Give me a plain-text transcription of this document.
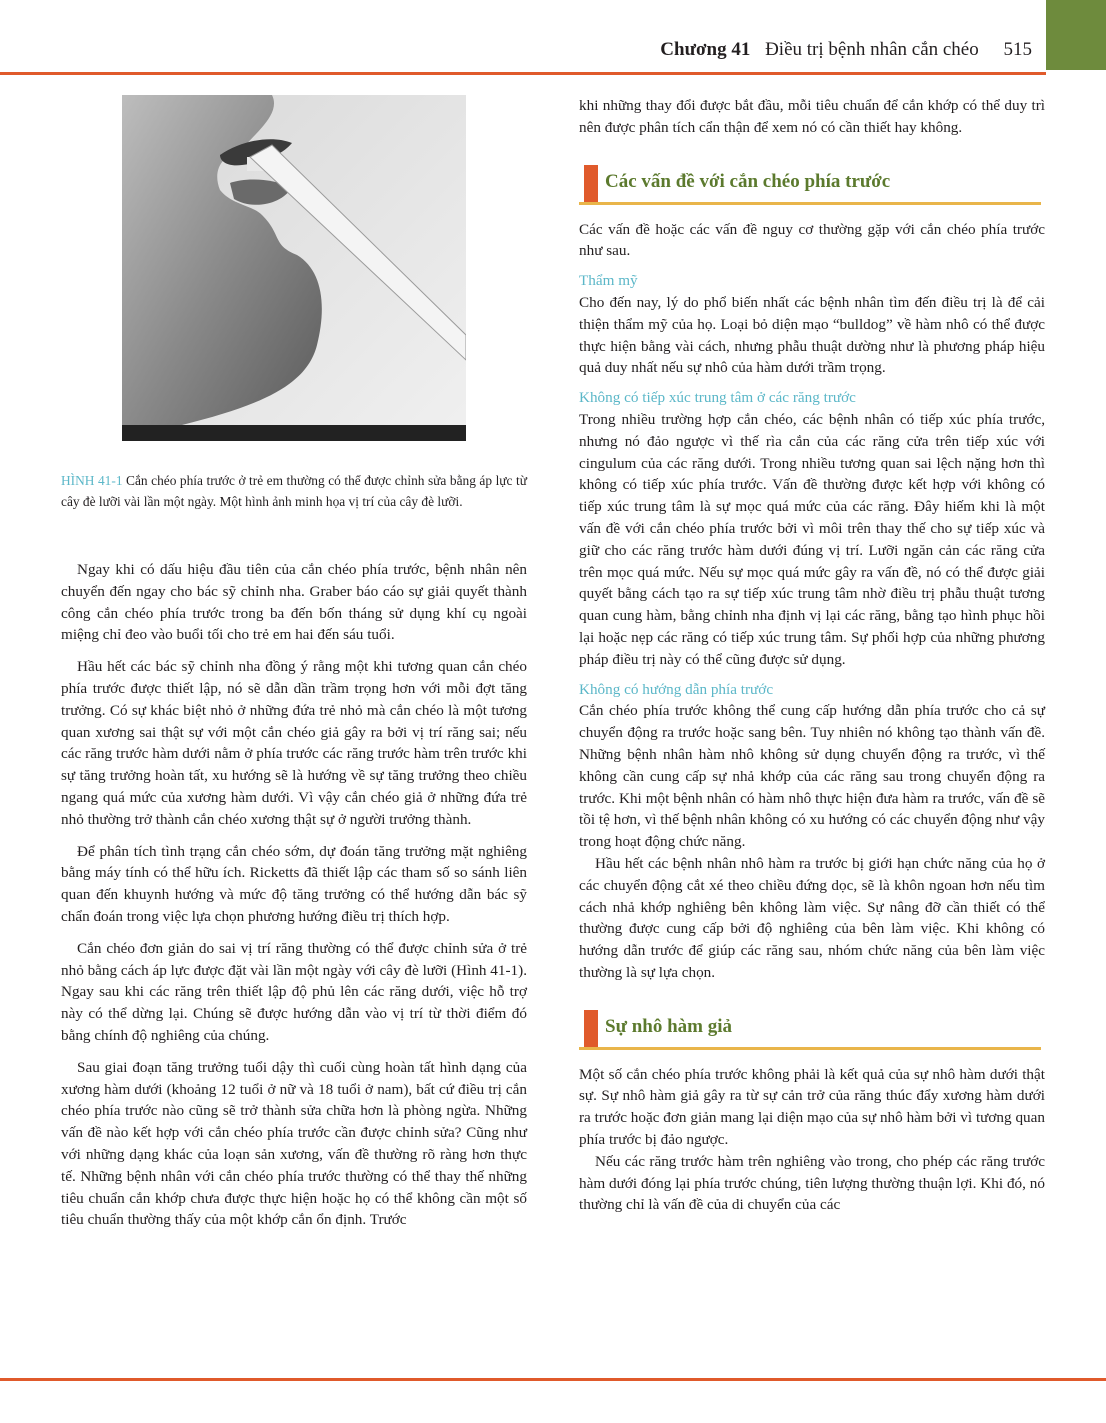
Chương 41 Điều trị bệnh nhân cắn chéo 515
HÌNH 41-1 Cắn chéo phía trước ở trẻ em thường có thể được chỉnh sửa bằng áp lực từ cây đè lưỡi vài lần một ngày. Một hình ảnh minh họa vị trí của cây đè lưỡi.

Ngay khi có dấu hiệu đầu tiên của cắn chéo phía trước, bệnh nhân nên chuyển đến ngay cho bác sỹ chỉnh nha. Graber báo cáo sự giải quyết thành công cắn chéo phía trước trong ba đến bốn tháng sử dụng khí cụ ngoài miệng chỉ đeo vào buổi tối cho trẻ em hai đến sáu tuổi.

Hầu hết các bác sỹ chỉnh nha đồng ý rằng một khi tương quan cắn chéo phía trước được thiết lập, nó sẽ dẫn dần trầm trọng hơn với mỗi đợt tăng trưởng. Có sự khác biệt nhỏ ở những đứa trẻ nhỏ mà cắn chéo là một tương quan xương sai thật sự với một cắn chéo giả gây ra bởi vị trí răng sai; nếu các răng trước hàm dưới nằm ở phía trước các răng trước hàm trên trước khi sự tăng trưởng hoàn tất, xu hướng sẽ là hướng về sự tăng trưởng theo chiều ngang quá mức của xương hàm dưới. Vì vậy cắn chéo giả ở những đứa trẻ nhỏ thường trở thành cắn chéo xương thật sự ở người trưởng thành.

Để phân tích tình trạng cắn chéo sớm, dự đoán tăng trưởng mặt nghiêng bằng máy tính có thể hữu ích. Ricketts đã thiết lập các tham số so sánh liên quan đến khuynh hướng và mức độ tăng trưởng có thể hướng dẫn bác sỹ chẩn đoán trong việc lựa chọn phương hướng điều trị thích hợp.

Cắn chéo đơn giản do sai vị trí răng thường có thể được chỉnh sửa ở trẻ nhỏ bằng cách áp lực được đặt vài lần một ngày với cây đè lưỡi (Hình 41-1). Ngay sau khi các răng trên thiết lập độ phủ lên các răng dưới, việc hỗ trợ này có thể dừng lại. Chúng sẽ được hướng dẫn vào vị trí từ thời điểm đó bằng chính độ nghiêng của chúng.

Sau giai đoạn tăng trưởng tuổi dậy thì cuối cùng hoàn tất hình dạng của xương hàm dưới (khoảng 12 tuổi ở nữ và 18 tuổi ở nam), bất cứ điều trị cắn chéo phía trước nào cũng sẽ trở thành sửa chữa hơn là phòng ngừa. Những vấn đề nào kết hợp với cắn chéo phía trước cần được chỉnh sửa? Cũng như với những dạng khác của loạn sản xương, vấn đề thường rõ ràng hơn thực tế. Những bệnh nhân với cắn chéo phía trước thường có thể thay thế những tiêu chuẩn cắn khớp chưa được thực hiện hoặc họ có thể không cần một số tiêu chuẩn thường thấy của một khớp cắn ổn định. Trước

khi những thay đổi được bắt đầu, mỗi tiêu chuẩn để cắn khớp có thể duy trì nên được phân tích cẩn thận để xem nó có cần thiết hay không.

Các vấn đề với cắn chéo phía trước

Các vấn đề hoặc các vấn đề nguy cơ thường gặp với cắn chéo phía trước như sau.

Thẩm mỹ

Cho đến nay, lý do phổ biến nhất các bệnh nhân tìm đến điều trị là để cải thiện thẩm mỹ của họ. Loại bỏ diện mạo “bulldog” về hàm nhô có thể được thực hiện bằng vài cách, nhưng phẫu thuật dường như là phương pháp hiệu quả duy nhất nếu sự nhô của hàm dưới trầm trọng.

Không có tiếp xúc trung tâm ở các răng trước

Trong nhiều trường hợp cắn chéo, các bệnh nhân có tiếp xúc phía trước, nhưng nó đảo ngược vì thế rìa cắn của các răng cửa trên tiếp xúc với cingulum của các răng dưới. Trong nhiều tương quan sai lệch nặng hơn thì không có tiếp xúc phía trước. Vấn đề thường được kết hợp với không có tiếp xúc trung tâm là sự mọc quá mức của các răng. Đây hiếm khi là một vấn đề với cắn chéo phía trước bởi vì môi trên thay thế cho sự tiếp xúc và giữ cho các răng trước hàm dưới đúng vị trí. Lưỡi ngăn cản các răng cửa trên mọc quá mức. Nếu sự mọc quá mức gây ra vấn đề, nó có thể được giải quyết bằng cách tạo ra sự tiếp xúc trung tâm nhờ điều trị phẫu thuật tương quan cung hàm, bằng chỉnh nha định vị lại các răng, bằng tạo hình phục hồi lại hoặc nẹp các răng có tiếp xúc trung tâm. Sự phối hợp của những phương pháp điều trị này có thể cũng được sử dụng.

Không có hướng dẫn phía trước

Cắn chéo phía trước không thể cung cấp hướng dẫn phía trước cho cả sự chuyển động ra trước hoặc sang bên. Tuy nhiên nó không tạo thành vấn đề. Những bệnh nhân hàm nhô không sử dụng chuyển động ra trước, vì thế không cần cung cấp sự nhả khớp của các răng sau trong chuyển động ra trước. Khi một bệnh nhân có hàm nhô thực hiện đưa hàm ra trước, vấn đề sẽ tồi tệ hơn, vì thế bệnh nhân không có xu hướng có các chuyển động như vậy trong hoạt động chức năng.

Hầu hết các bệnh nhân nhô hàm ra trước bị giới hạn chức năng của họ ở các chuyển động cắt xé theo chiều đứng dọc, sẽ là khôn ngoan hơn nếu tìm cách nhả khớp nghiêng bên không làm việc. Sự nâng đỡ cần thiết có thể thường được cung cấp bởi độ nghiêng của bên làm việc. Khi không có hướng dẫn trước để giúp các răng sau, nhóm chức năng của bên làm việc thường là sự lựa chọn.

Sự nhô hàm giả

Một số cắn chéo phía trước không phải là kết quả của sự nhô hàm dưới thật sự. Sự nhô hàm giả gây ra từ sự cản trở của răng thúc đẩy xương hàm dưới ra trước hoặc đơn giản mang lại diện mạo của sự nhô hàm bởi vì tương quan phía trước bị đảo ngược.

Nếu các răng trước hàm trên nghiêng vào trong, cho phép các răng trước hàm dưới đóng lại phía trước chúng, tiên lượng thường thuận lợi. Khi đó, nó thường chỉ là vấn đề của di chuyển của các
